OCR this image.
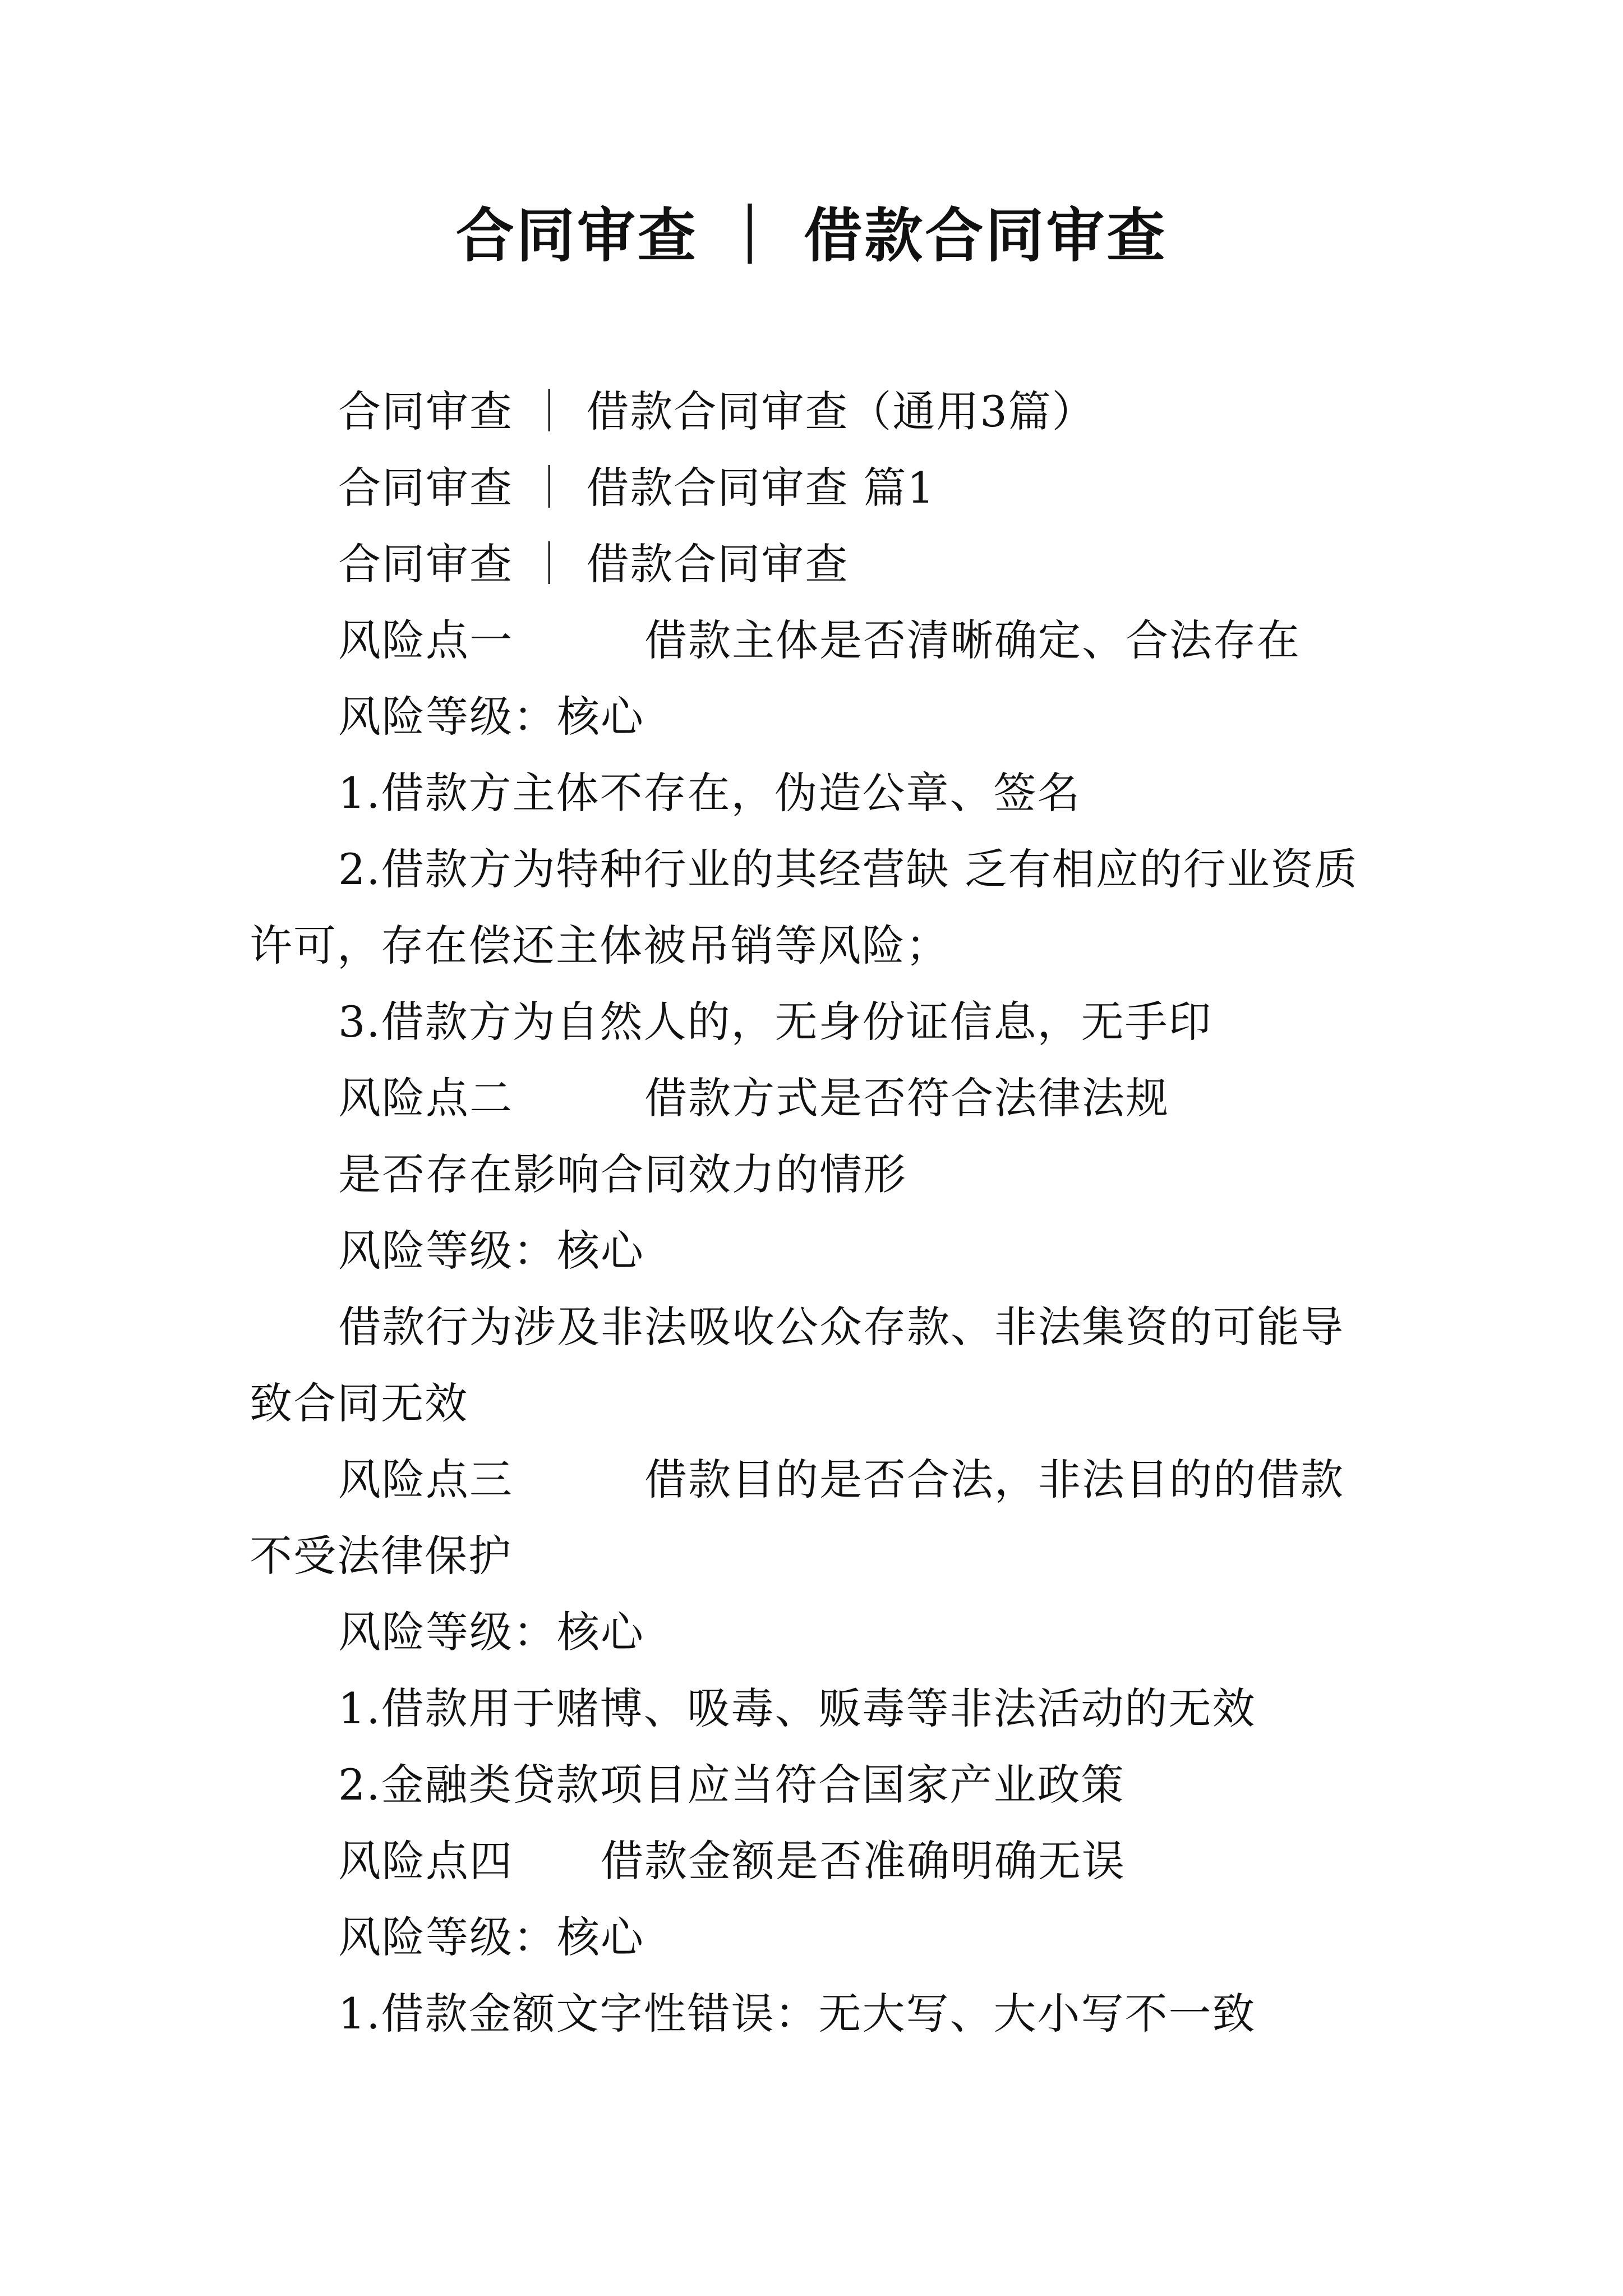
合同审查 ｜ 借款合同审查

合同审查 ｜ 借款合同审查（通用3篇）

合同审查 ｜ 借款合同审查 篇1

合同审查 ｜ 借款合同审查

风险点一　　　借款主体是否清晰确定、合法存在

风险等级：核心

1.借款方主体不存在，伪造公章、签名

2.借款方为特种行业的其经营缺 乏有相应的行业资质许可，存在偿还主体被吊销等风险；

3.借款方为自然人的，无身份证信息，无手印

风险点二　　　借款方式是否符合法律法规

是否存在影响合同效力的情形

风险等级：核心

借款行为涉及非法吸收公众存款、非法集资的可能导致合同无效

风险点三　　　借款目的是否合法，非法目的的借款不受法律保护

风险等级：核心

1.借款用于赌博、吸毒、贩毒等非法活动的无效

2.金融类贷款项目应当符合国家产业政策

风险点四　　借款金额是否准确明确无误

风险等级：核心

1.借款金额文字性错误：无大写、大小写不一致
